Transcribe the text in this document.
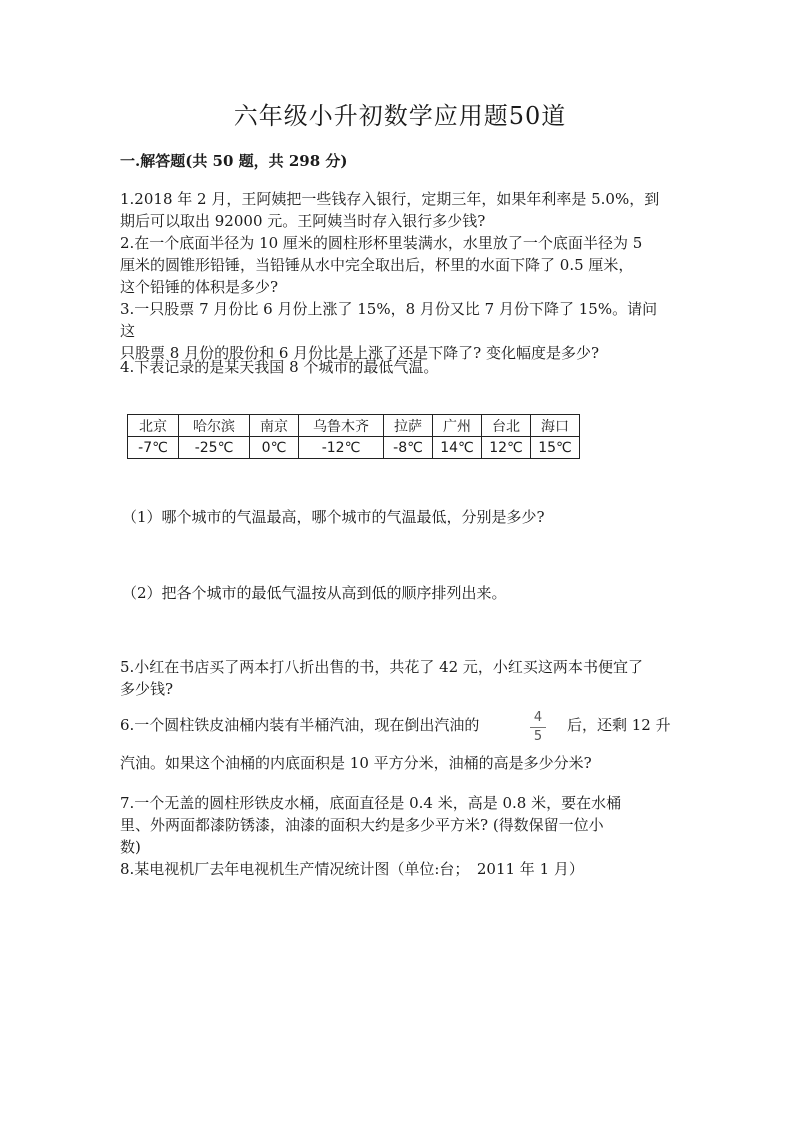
六年级小升初数学应用题50道
一.解答题(共 50 题，共 298 分)

1.2018 年 2 月，王阿姨把一些钱存入银行，定期三年，如果年利率是 5.0%，到

期后可以取出 92000 元。王阿姨当时存入银行多少钱?

2.在一个底面半径为 10 厘米的圆柱形杯里装满水，水里放了一个底面半径为 5

厘米的圆锥形铅锤，当铅锤从水中完全取出后，杯里的水面下降了 0.5 厘米，

这个铅锤的体积是多少?

3.一只股票 7 月份比 6 月份上涨了 15%，8 月份又比 7 月份下降了 15%。请问这

只股票 8 月份的股份和 6 月份比是上涨了还是下降了? 变化幅度是多少?

4.下表记录的是某天我国 8 个城市的最低气温。

北京	哈尔滨	南京	乌鲁木齐	拉萨	广州	台北	海口
-7℃	-25℃	0℃	-12℃	-8℃	14℃	12℃	15℃

（1）哪个城市的气温最高，哪个城市的气温最低，分别是多少?

（2）把各个城市的最低气温按从高到低的顺序排列出来。

5.小红在书店买了两本打八折出售的书，共花了 42 元，小红买这两本书便宜了

多少钱?

6.一个圆柱铁皮油桶内装有半桶汽油，现在倒出汽油的	4
5
后，还剩 12 升
汽油。如果这个油桶的内底面积是 10 平方分米，油桶的高是多少分米?

7.一个无盖的圆柱形铁皮水桶，底面直径是 0.4 米，高是 0.8 米，要在水桶

里、外两面都漆防锈漆，油漆的面积大约是多少平方米? (得数保留一位小

数)

8.某电视机厂去年电视机生产情况统计图（单位:台；　2011 年 1 月）
